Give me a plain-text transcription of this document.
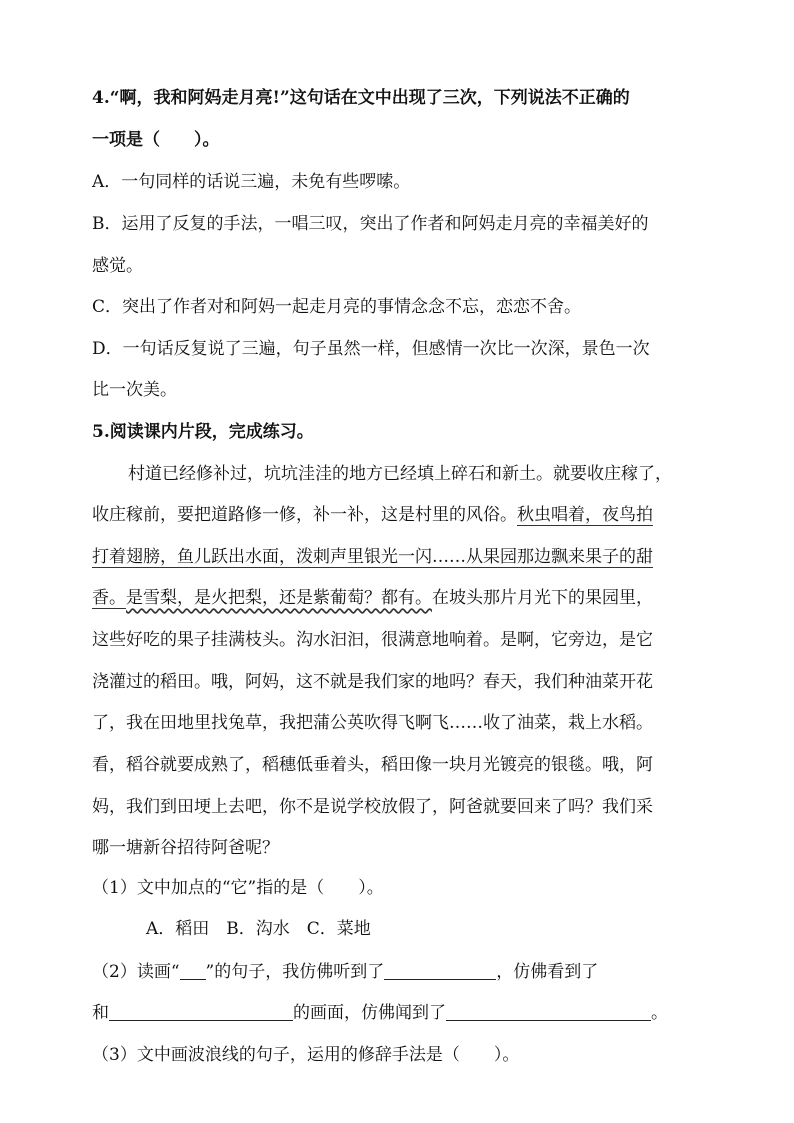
4.“啊，我和阿妈走月亮!”这句话在文中出现了三次，下列说法不正确的
一项是（　　）。
A．一句同样的话说三遍，未免有些啰嗦。
B．运用了反复的手法，一唱三叹，突出了作者和阿妈走月亮的幸福美好的
感觉。
C．突出了作者对和阿妈一起走月亮的事情念念不忘，恋恋不舍。
D．一句话反复说了三遍，句子虽然一样，但感情一次比一次深，景色一次
比一次美。
5.阅读课内片段，完成练习。
村道已经修补过，坑坑洼洼的地方已经填上碎石和新土。就要收庄稼了，
收庄稼前，要把道路修一修，补一补，这是村里的风俗。秋虫唱着，夜鸟拍
打着翅膀，鱼儿跃出水面，泼刺声里银光一闪……从果园那边飘来果子的甜
香。是雪梨，是火把梨，还是紫葡萄？都有。在坡头那片月光下的果园里，
这些好吃的果子挂满枝头。沟水汩汩，很满意地响着。是啊，它旁边，是它
浇灌过的稻田。哦，阿妈，这不就是我们家的地吗？春天，我们种油菜开花
了，我在田地里找兔草，我把蒲公英吹得飞啊飞……收了油菜，栽上水稻。
看，稻谷就要成熟了，稻穗低垂着头，稻田像一块月光镀亮的银毯。哦，阿
妈，我们到田埂上去吧，你不是说学校放假了，阿爸就要回来了吗？我们采
哪一塘新谷招待阿爸呢？
（1）文中加点的“它”指的是（　　）。
A．稻田　B．沟水　C．菜地
（2）读画“ ”的句子，我仿佛听到了	，仿佛看到了
和	的画面，仿佛闻到了	。
（3）文中画波浪线的句子，运用的修辞手法是（　　）。
